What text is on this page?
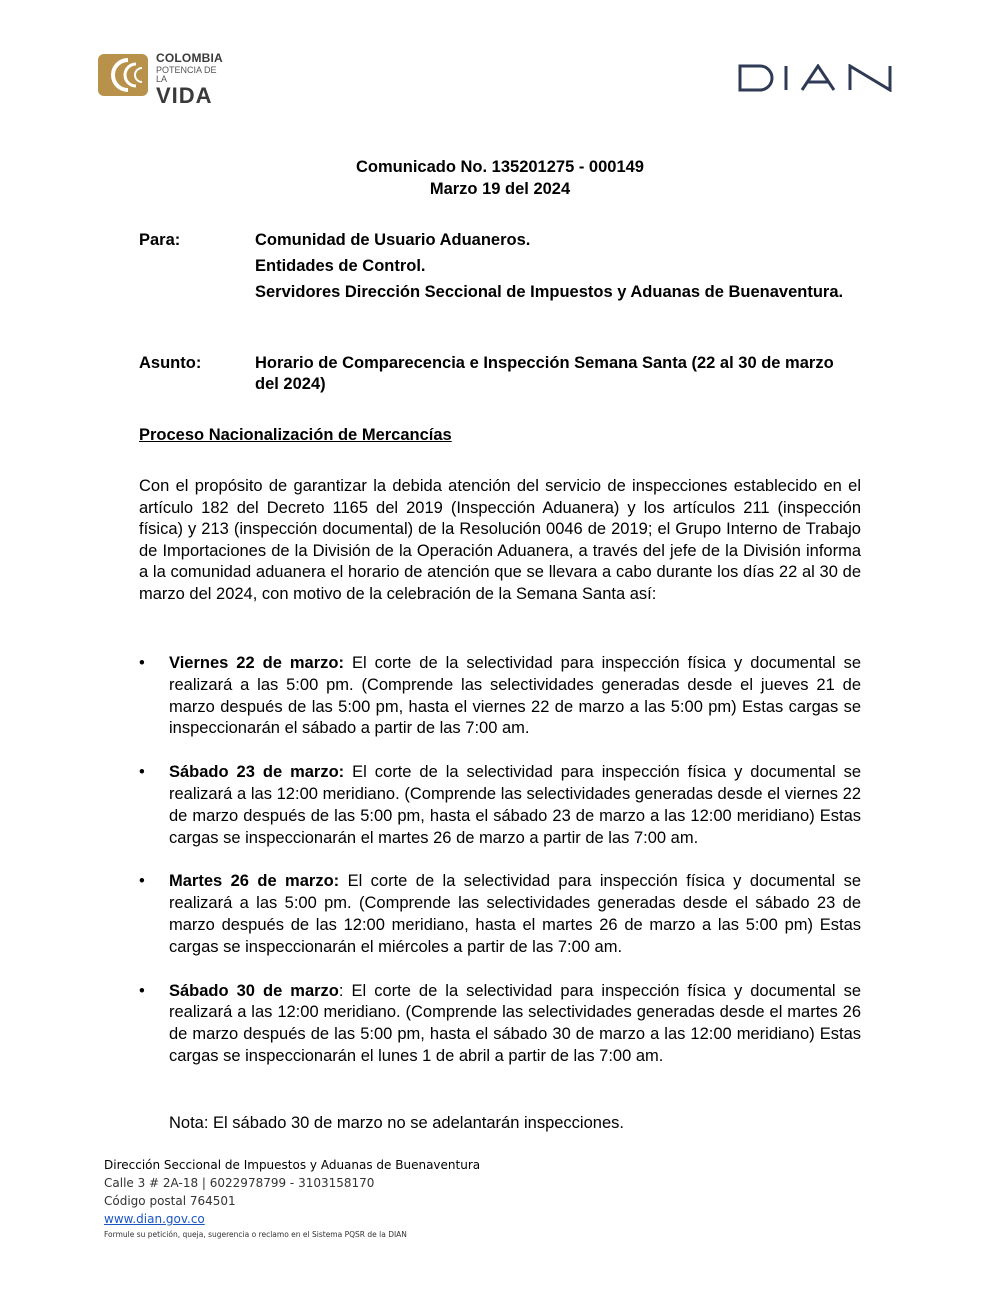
COLOMBIA
POTENCIA DE LA
VIDA
Comunicado No. 135201275 - 000149
Marzo 19 del 2024
Para:	Comunidad de Usuario Aduaneros.
Entidades de Control.
Servidores Dirección Seccional de Impuestos y Aduanas de Buenaventura.
Asunto:	Horario de Comparecencia e Inspección Semana Santa (22 al 30 de marzo del 2024)
Proceso Nacionalización de Mercancías
Con el propósito de garantizar la debida atención del servicio de inspecciones establecido en el artículo 182 del Decreto 1165 del 2019 (Inspección Aduanera) y los artículos 211 (inspección física) y 213 (inspección documental) de la Resolución 0046 de 2019; el Grupo Interno de Trabajo de Importaciones de la División de la Operación Aduanera, a través del jefe de la División informa a la comunidad aduanera el horario de atención que se llevara a cabo durante los días 22 al 30 de marzo del 2024, con motivo de la celebración de la Semana Santa así:
• Viernes 22 de marzo: El corte de la selectividad para inspección física y documental se realizará a las 5:00 pm. (Comprende las selectividades generadas desde el jueves 21 de marzo después de las 5:00 pm, hasta el viernes 22 de marzo a las 5:00 pm) Estas cargas se inspeccionarán el sábado a partir de las 7:00 am.
• Sábado 23 de marzo: El corte de la selectividad para inspección física y documental se realizará a las 12:00 meridiano. (Comprende las selectividades generadas desde el viernes 22 de marzo después de las 5:00 pm, hasta el sábado 23 de marzo a las 12:00 meridiano) Estas cargas se inspeccionarán el martes 26 de marzo a partir de las 7:00 am.
• Martes 26 de marzo: El corte de la selectividad para inspección física y documental se realizará a las 5:00 pm. (Comprende las selectividades generadas desde el sábado 23 de marzo después de las 12:00 meridiano, hasta el martes 26 de marzo a las 5:00 pm) Estas cargas se inspeccionarán el miércoles a partir de las 7:00 am.
• Sábado 30 de marzo: El corte de la selectividad para inspección física y documental se realizará a las 12:00 meridiano. (Comprende las selectividades generadas desde el martes 26 de marzo después de las 5:00 pm, hasta el sábado 30 de marzo a las 12:00 meridiano) Estas cargas se inspeccionarán el lunes 1 de abril a partir de las 7:00 am.
Nota: El sábado 30 de marzo no se adelantarán inspecciones.
Dirección Seccional de Impuestos y Aduanas de Buenaventura
Calle 3 # 2A-18 | 6022978799 - 3103158170
Código postal 764501
www.dian.gov.co
Formule su petición, queja, sugerencia o reclamo en el Sistema PQSR de la DIAN
